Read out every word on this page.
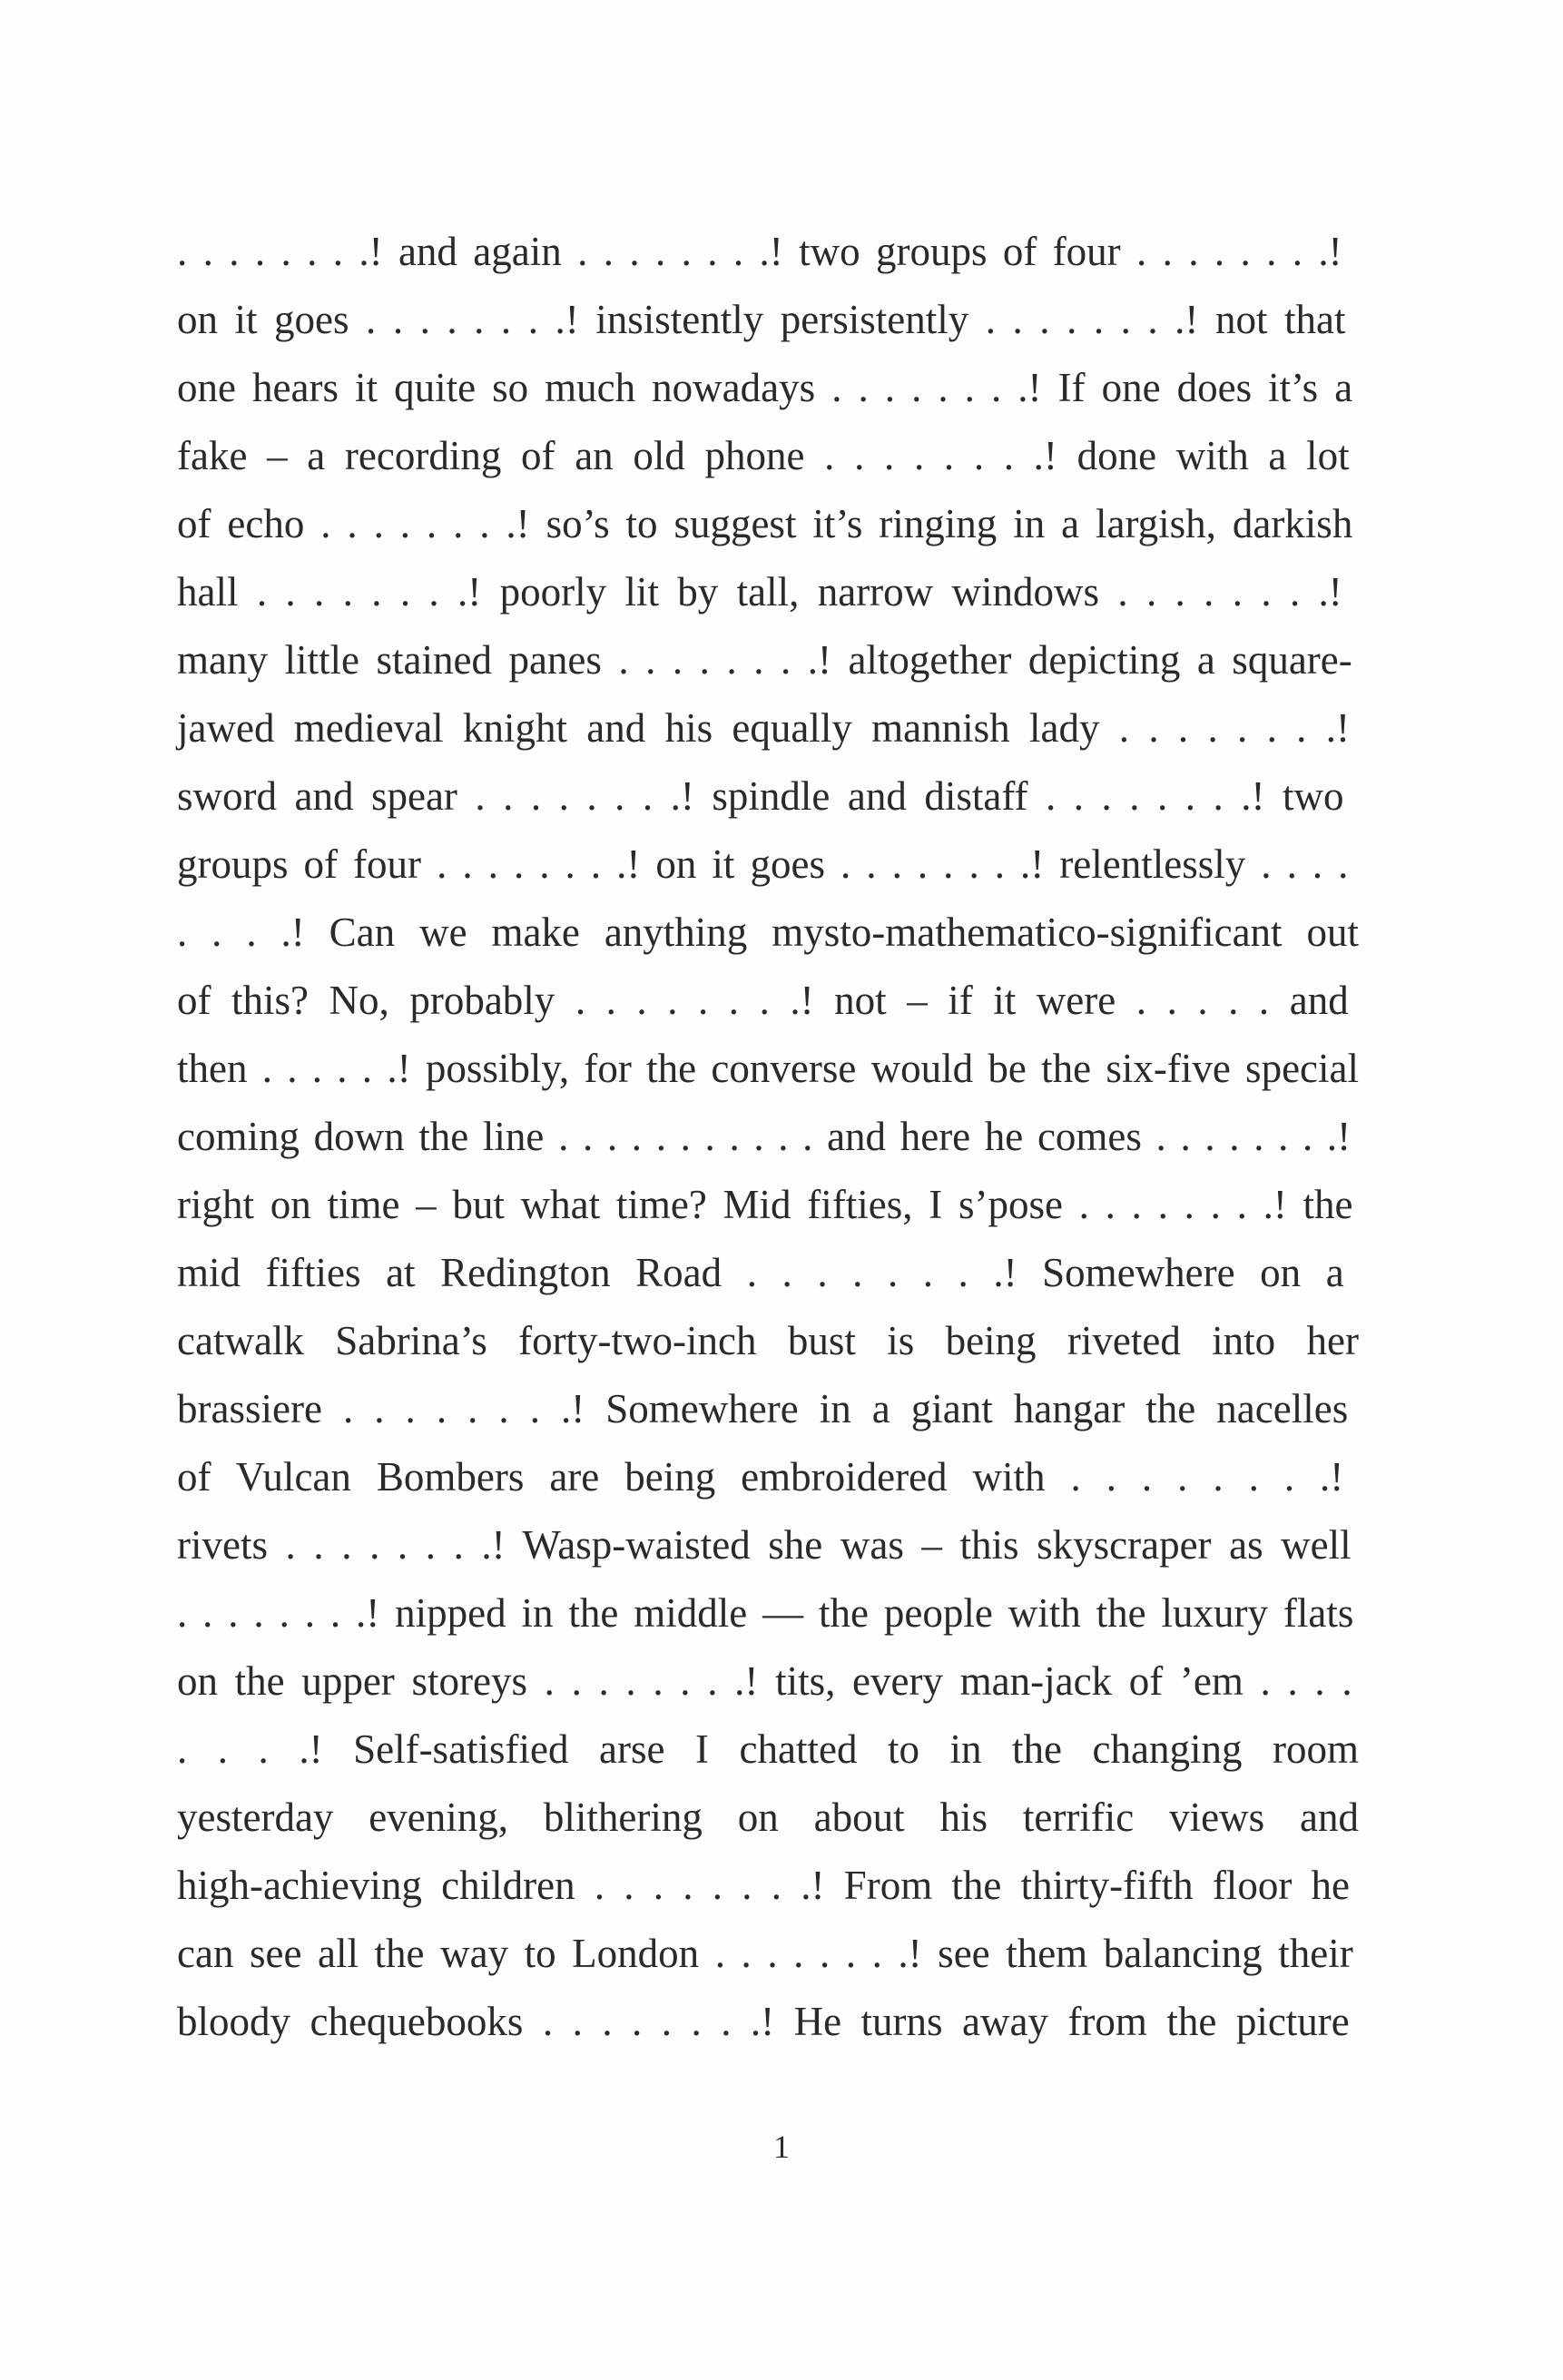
. . . . . . . .! and again . . . . . . . .! two groups of four . . . . . . . .!
on it goes . . . . . . . .! insistently persistently . . . . . . . .! not that
one hears it quite so much nowadays . . . . . . . .! If one does it’s a
fake – a recording of an old phone . . . . . . . .! done with a lot
of echo . . . . . . . .! so’s to suggest it’s ringing in a largish, darkish
hall . . . . . . . .! poorly lit by tall, narrow windows . . . . . . . .!
many little stained panes . . . . . . . .! altogether depicting a square-
jawed medieval knight and his equally mannish lady . . . . . . . .!
sword and spear . . . . . . . .! spindle and distaff . . . . . . . .! two
groups of four . . . . . . . .! on it goes . . . . . . . .! relentlessly . . . .
. . . .! Can we make anything mysto-mathematico-significant out
of this? No, probably . . . . . . . .! not – if it were . . . . . and
then . . . . . .! possibly, for the converse would be the six-five special
coming down the line . . . . . . . . . . . and here he comes . . . . . . . .!
right on time – but what time? Mid fifties, I s’pose . . . . . . . .! the
mid fifties at Redington Road . . . . . . . .! Somewhere on a
catwalk Sabrina’s forty-two-inch bust is being riveted into her
brassiere . . . . . . . .! Somewhere in a giant hangar the nacelles
of Vulcan Bombers are being embroidered with . . . . . . . .!
rivets . . . . . . . .! Wasp-waisted she was – this skyscraper as well
. . . . . . . .! nipped in the middle — the people with the luxury flats
on the upper storeys . . . . . . . .! tits, every man-jack of ’em . . . .
. . . .! Self-satisfied arse I chatted to in the changing room
yesterday evening, blithering on about his terrific views and
high-achieving children . . . . . . . .! From the thirty-fifth floor he
can see all the way to London . . . . . . . .! see them balancing their
bloody chequebooks . . . . . . . .! He turns away from the picture
1
